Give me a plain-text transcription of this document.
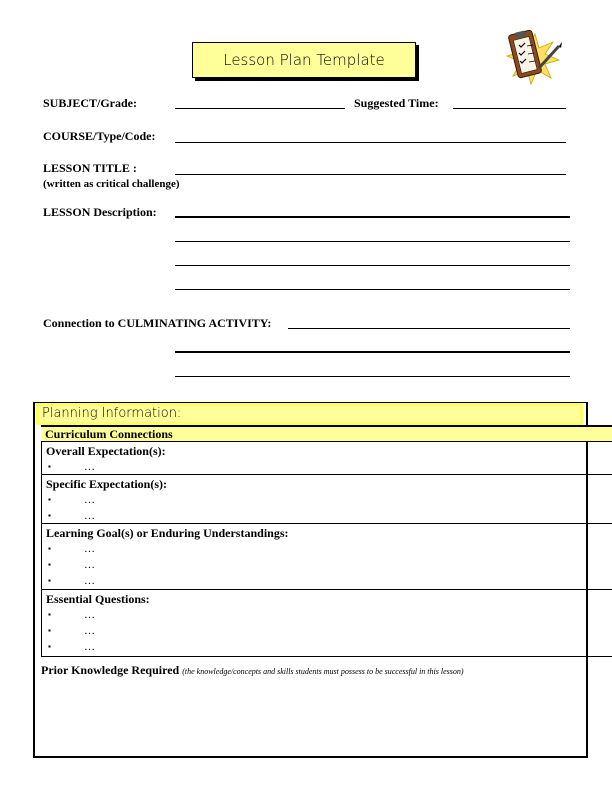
Lesson Plan Template
SUBJECT/Grade:	Suggested Time:
COURSE/Type/Code:
LESSON TITLE :
(written as critical challenge)
LESSON Description:
Connection to CULMINATING ACTIVITY:
Planning Information:
Curriculum Connections
Overall Expectation(s):
▪	…
Specific Expectation(s):
▪	…
▪	…
Learning Goal(s) or Enduring Understandings:
▪	…
▪	…
▪	…
Essential Questions:
▪	…
▪	…
▪	…
Prior Knowledge Required (the knowledge/concepts and skills students must possess to be successful in this lesson)
